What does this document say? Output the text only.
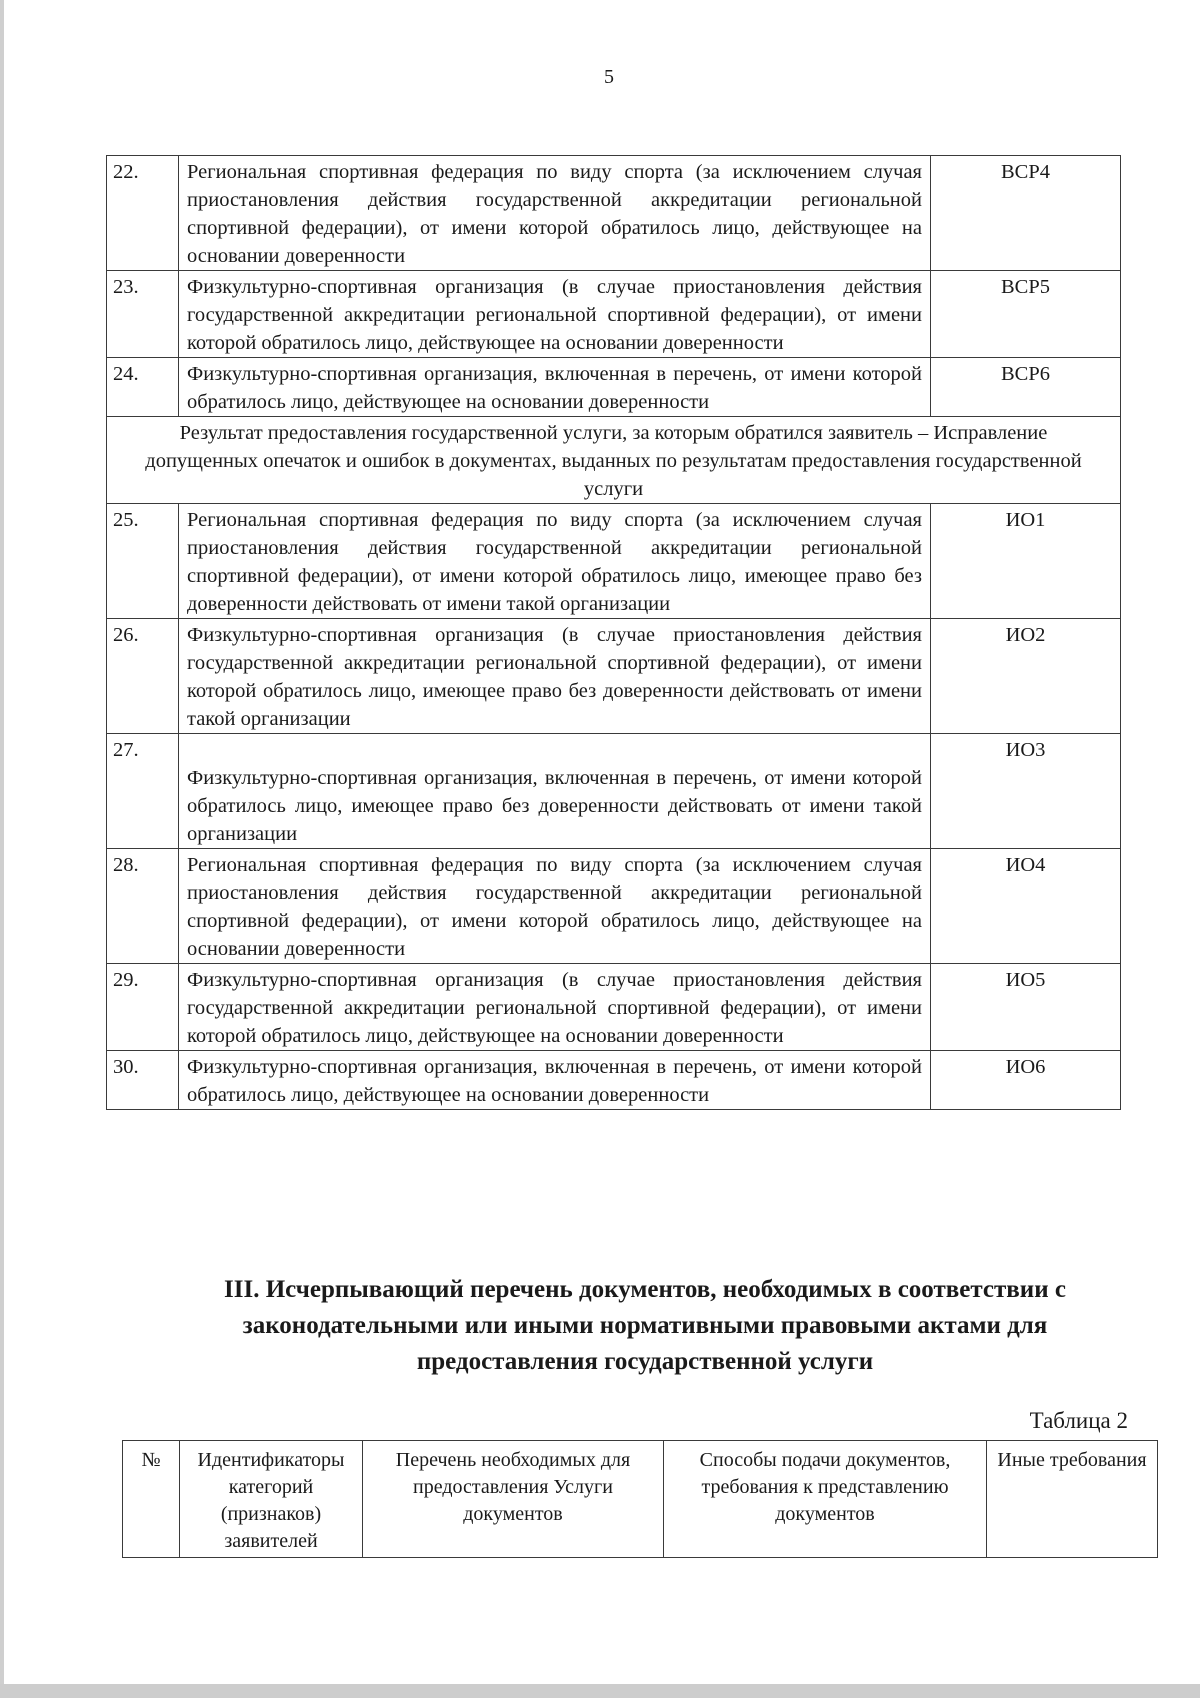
5
22.	Региональная спортивная федерация по виду спорта (за исключением случая приостановления действия государственной аккредитации региональной спортивной федерации), от имени которой обратилось лицо, действующее на основании доверенности	ВСР4
23.	Физкультурно-спортивная организация (в случае приостановления действия государственной аккредитации региональной спортивной федерации), от имени которой обратилось лицо, действующее на основании доверенности	ВСР5
24.	Физкультурно-спортивная организация, включенная в перечень, от имени которой обратилось лицо, действующее на основании доверенности	ВСР6
Результат предоставления государственной услуги, за которым обратился заявитель – Исправление допущенных опечаток и ошибок в документах, выданных по результатам предоставления государственной услуги		
25.	Региональная спортивная федерация по виду спорта (за исключением случая приостановления действия государственной аккредитации региональной спортивной федерации), от имени которой обратилось лицо, имеющее право без доверенности действовать от имени такой организации	ИО1
26.	Физкультурно-спортивная организация (в случае приостановления действия государственной аккредитации региональной спортивной федерации), от имени которой обратилось лицо, имеющее право без доверенности действовать от имени такой организации	ИО2
27.	Физкультурно-спортивная организация, включенная в перечень, от имени которой обратилось лицо, имеющее право без доверенности действовать от имени такой организации	ИО3
28.	Региональная спортивная федерация по виду спорта (за исключением случая приостановления действия государственной аккредитации региональной спортивной федерации), от имени которой обратилось лицо, действующее на основании доверенности	ИО4
29.	Физкультурно-спортивная организация (в случае приостановления действия государственной аккредитации региональной спортивной федерации), от имени которой обратилось лицо, действующее на основании доверенности	ИО5
30.	Физкультурно-спортивная организация, включенная в перечень, от имени которой обратилось лицо, действующее на основании доверенности	ИО6
III. Исчерпывающий перечень документов, необходимых в соответствии с законодательными или иными нормативными правовыми актами для предоставления государственной услуги
Таблица 2
№	Идентификаторы категорий (признаков) заявителей	Перечень необходимых для предоставления Услуги документов	Способы подачи документов, требования к представлению документов	Иные требования
